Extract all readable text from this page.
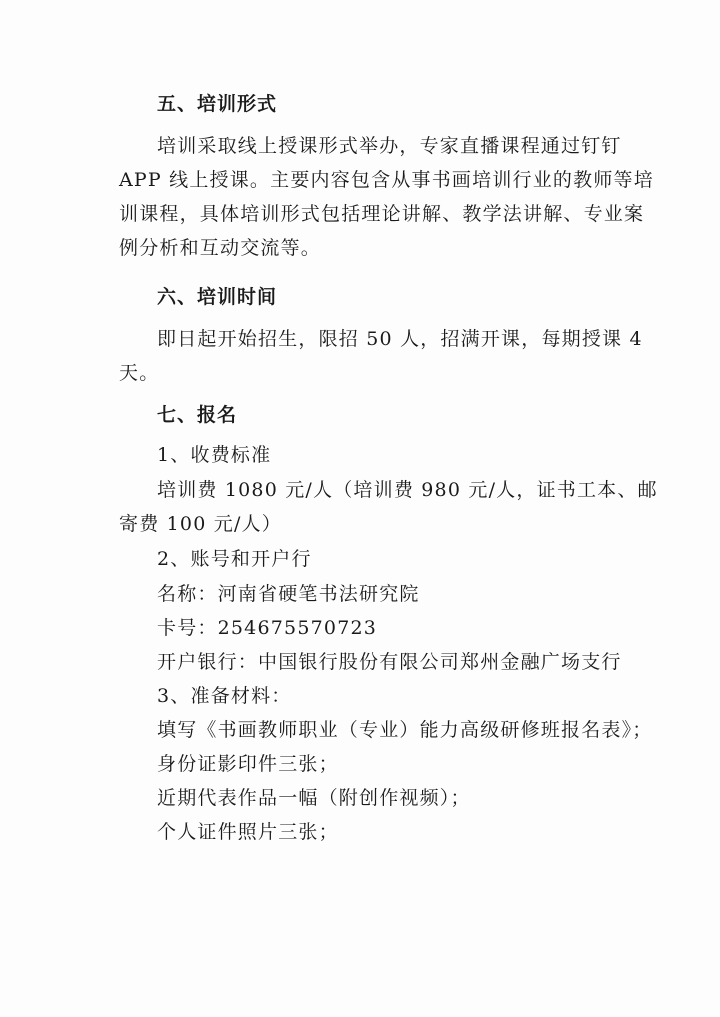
五、培训形式
培训采取线上授课形式举办，专家直播课程通过钉钉
APP 线上授课。主要内容包含从事书画培训行业的教师等培
训课程，具体培训形式包括理论讲解、教学法讲解、专业案
例分析和互动交流等。
六、培训时间
即日起开始招生，限招 50 人，招满开课，每期授课 4
天。
七、报名
1、收费标准
培训费 1080 元/人（培训费 980 元/人，证书工本、邮
寄费 100 元/人）
2、账号和开户行
名称：河南省硬笔书法研究院
卡号：254675570723
开户银行：中国银行股份有限公司郑州金融广场支行
3、准备材料：
填写《书画教师职业（专业）能力高级研修班报名表》；
身份证影印件三张；
近期代表作品一幅（附创作视频）；
个人证件照片三张；
